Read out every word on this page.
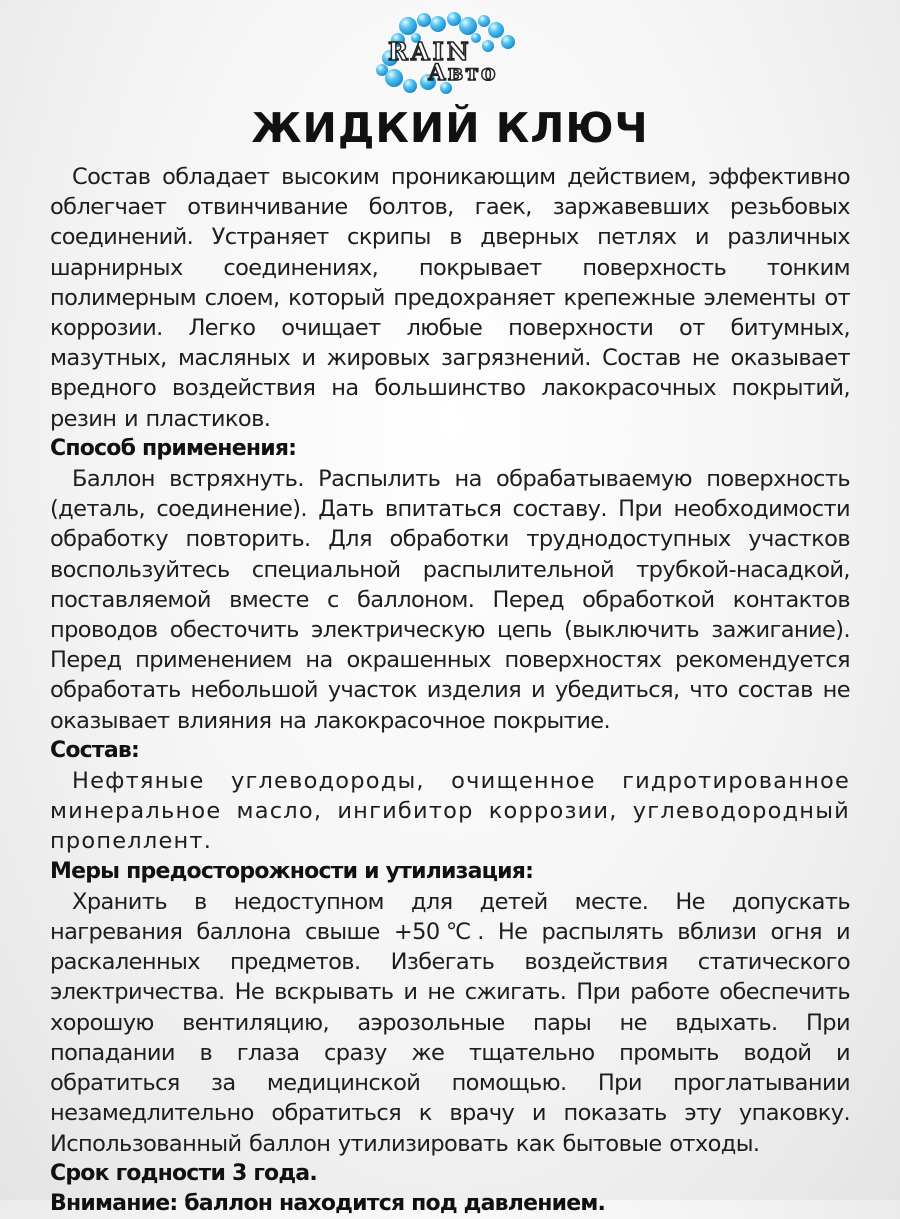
RAIN
Авто
ЖИДКИЙ КЛЮЧ

Состав обладает высоким проникающим действием, эффективно облегчает отвинчивание болтов, гаек, заржавевших резьбовых соединений. Устраняет скрипы в дверных петлях и различных шарнирных соединениях, покрывает поверхность тонким полимерным слоем, который предохраняет крепежные элементы от коррозии. Легко очищает любые поверхности от битумных, мазутных, масляных и жировых загрязнений. Состав не оказывает вредного воздействия на большинство лакокрасочных покрытий, резин и пластиков.

Способ применения:

Баллон встряхнуть. Распылить на обрабатываемую поверхность (деталь, соединение). Дать впитаться составу. При необходимости обработку повторить. Для обработки труднодоступных участков воспользуйтесь специальной распылительной трубкой-насадкой, поставляемой вместе с баллоном. Перед обработкой контактов проводов обесточить электрическую цепь (выключить зажигание). Перед применением на окрашенных поверхностях рекомендуется обработать небольшой участок изделия и убедиться, что состав не оказывает влияния на лакокрасочное покрытие.

Состав:

Нефтяные углеводороды, очищенное гидротированное минеральное масло, ингибитор коррозии, углеводородный пропеллент.

Меры предосторожности и утилизация:

Хранить в недоступном для детей месте. Не допускать нагревания баллона свыше +50℃. Не распылять вблизи огня и раскаленных предметов. Избегать воздействия статического электричества. Не вскрывать и не сжигать. При работе обеспечить хорошую вентиляцию, аэрозольные пары не вдыхать. При попадании в глаза сразу же тщательно промыть водой и обратиться за медицинской помощью. При проглатывании незамедлительно обратиться к врачу и показать эту упаковку. Использованный баллон утилизировать как бытовые отходы.

Срок годности 3 года.

Внимание: баллон находится под давлением.
